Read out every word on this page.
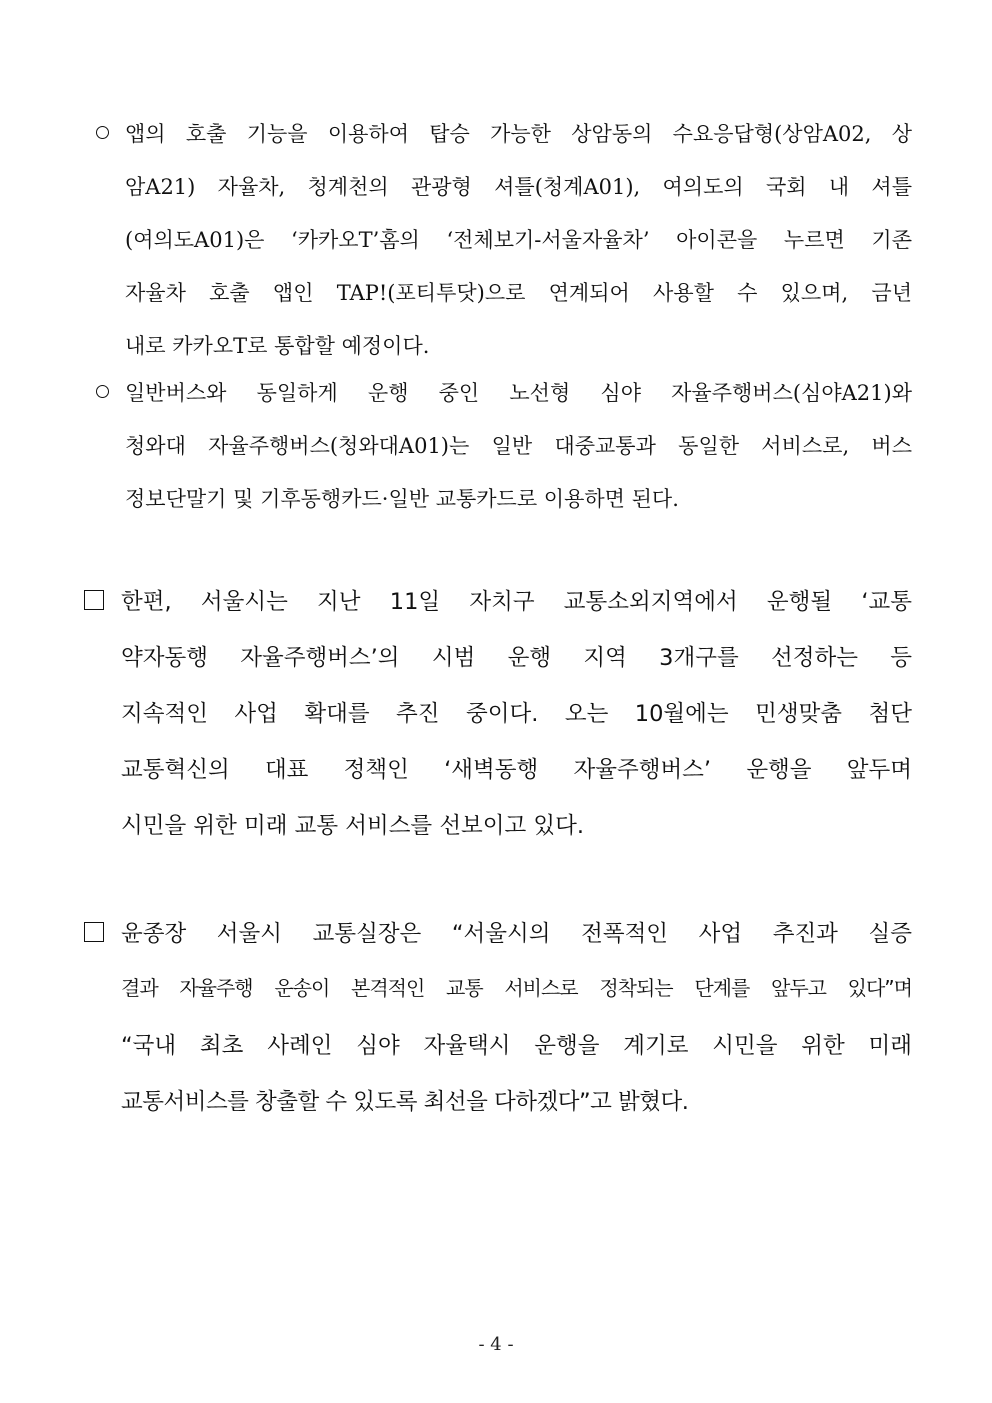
앱의 호출 기능을 이용하여 탑승 가능한 상암동의 수요응답형(상암A02, 상
암A21) 자율차, 청계천의 관광형 셔틀(청계A01), 여의도의 국회 내 셔틀
(여의도A01)은 ‘카카오T’홈의 ‘전체보기-서울자율차’ 아이콘을 누르면 기존
자율차 호출 앱인 TAP!(포티투닷)으로 연계되어 사용할 수 있으며, 금년
내로 카카오T로 통합할 예정이다.
일반버스와 동일하게 운행 중인 노선형 심야 자율주행버스(심야A21)와
청와대 자율주행버스(청와대A01)는 일반 대중교통과 동일한 서비스로, 버스
정보단말기 및 기후동행카드·일반 교통카드로 이용하면 된다.
한편, 서울시는 지난 11일 자치구 교통소외지역에서 운행될 ‘교통
약자동행 자율주행버스’의 시범 운행 지역 3개구를 선정하는 등
지속적인 사업 확대를 추진 중이다. 오는 10월에는 민생맞춤 첨단
교통혁신의 대표 정책인 ‘새벽동행 자율주행버스’ 운행을 앞두며
시민을 위한 미래 교통 서비스를 선보이고 있다.
윤종장 서울시 교통실장은 “서울시의 전폭적인 사업 추진과 실증
결과 자율주행 운송이 본격적인 교통 서비스로 정착되는 단계를 앞두고 있다”며
“국내 최초 사례인 심야 자율택시 운행을 계기로 시민을 위한 미래
교통서비스를 창출할 수 있도록 최선을 다하겠다”고 밝혔다.
- 4 -
